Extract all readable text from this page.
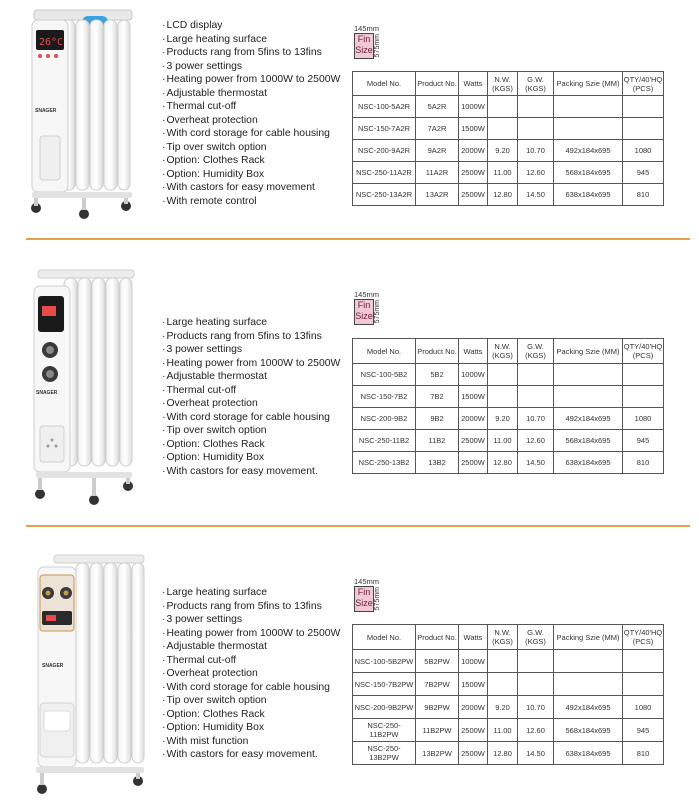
26°C
SNAGER
· LCD display
· Large heating surface
· Products rang from 5fins to 13fins
· 3 power settings
· Heating power from 1000W to 2500W
· Adjustable thermostat
· Thermal cut-off
· Overheat protection
· With cord storage for cable housing
· Tip over switch option
· Option: Clothes Rack
· Option: Humidity Box
· With castors for easy movement
· With remote control
145mm
Fin Size 575mm
Model No.	Product No.	Watts	N.W. (KGS)	G.W. (KGS)	Packing Szie (MM)	QTY/40'HQ (PCS)
NSC-100-5A2R	5A2R	1000W				
NSC-150-7A2R	7A2R	1500W				
NSC-200-9A2R	9A2R	2000W	9.20	10.70	492x184x695	1080
NSC-250-11A2R	11A2R	2500W	11.00	12.60	568x184x695	945
NSC-250-13A2R	13A2R	2500W	12.80	14.50	638x184x695	810
SNAGER
· Large heating surface
· Products rang from 5fins to 13fins
· 3 power settings
· Heating power from 1000W to 2500W
· Adjustable thermostat
· Thermal cut-off
· Overheat protection
· With cord storage for cable housing
· Tip over switch option
· Option: Clothes Rack
· Option: Humidity Box
· With castors for easy movement.
145mm
Fin Size 575mm
Model No.	Product No.	Watts	N.W. (KGS)	G.W. (KGS)	Packing Szie (MM)	QTY/40'HQ (PCS)
NSC-100-5B2	5B2	1000W				
NSC-150-7B2	7B2	1500W				
NSC-200-9B2	9B2	2000W	9.20	10.70	492x184x695	1080
NSC-250-11B2	11B2	2500W	11.00	12.60	568x184x695	945
NSC-250-13B2	13B2	2500W	12.80	14.50	638x184x695	810
SNAGER
· Large heating surface
· Products rang from 5fins to 13fins
· 3 power settings
· Heating power from 1000W to 2500W
· Adjustable thermostat
· Thermal cut-off
· Overheat protection
· With cord storage for cable housing
· Tip over switch option
· Option: Clothes Rack
· Option: Humidity Box
· With mist function
· With castors for easy movement.
145mm
Fin Size 575mm
Model No.	Product No.	Watts	N.W. (KGS)	G.W. (KGS)	Packing Szie (MM)	QTY/40'HQ (PCS)
NSC-100-5B2PW	5B2PW	1000W				
NSC-150-7B2PW	7B2PW	1500W				
NSC-200-9B2PW	9B2PW	2000W	9.20	10.70	492x184x695	1080
NSC-250-11B2PW	11B2PW	2500W	11.00	12.60	568x184x695	945
NSC-250-13B2PW	13B2PW	2500W	12.80	14.50	638x184x695	810
